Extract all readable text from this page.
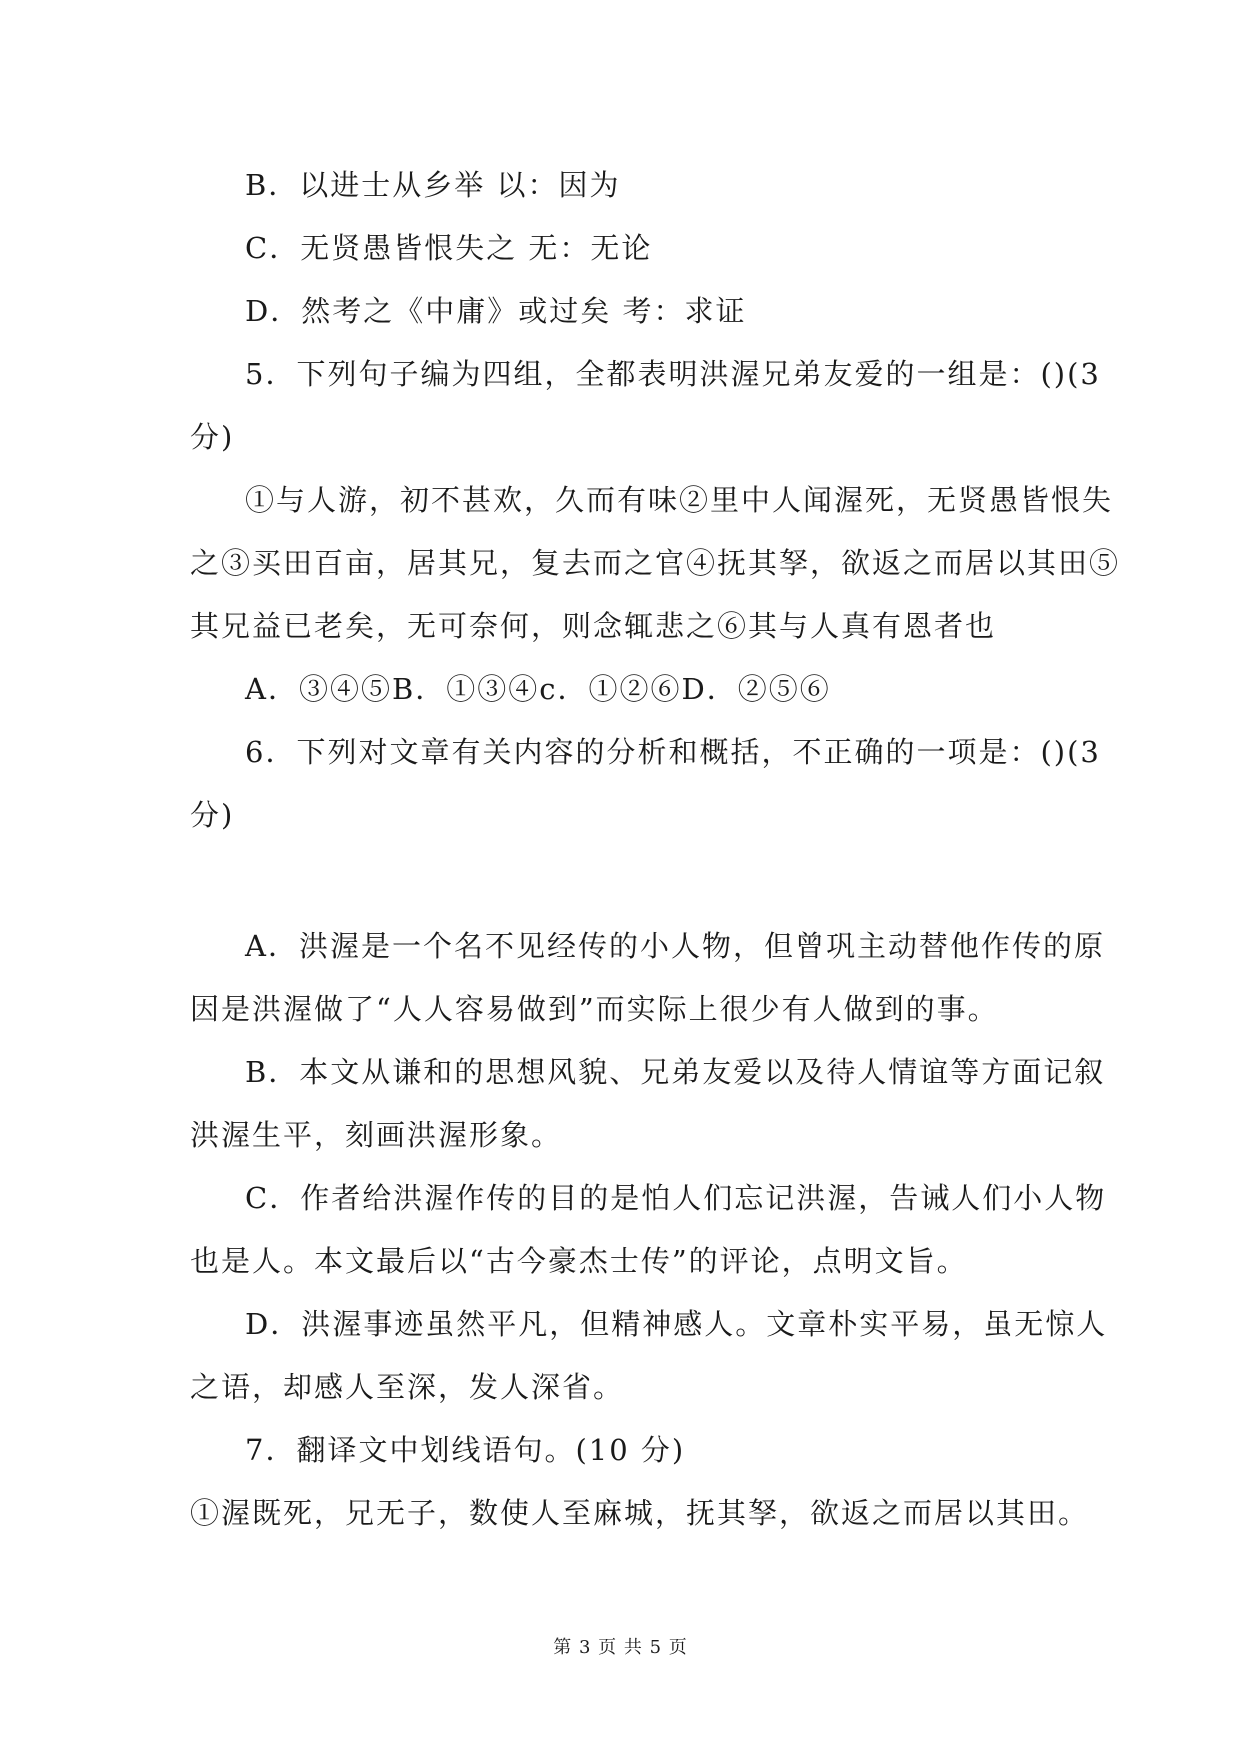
B．以进士从乡举 以：因为
C．无贤愚皆恨失之 无：无论
D．然考之《中庸》或过矣 考：求证
5．下列句子编为四组，全都表明洪渥兄弟友爱的一组是：()(3
分)
①与人游，初不甚欢，久而有味②里中人闻渥死，无贤愚皆恨失
之③买田百亩，居其兄，复去而之官④抚其孥，欲返之而居以其田⑤
其兄益已老矣，无可奈何，则念辄悲之⑥其与人真有恩者也
A．③④⑤B．①③④c．①②⑥D．②⑤⑥
6．下列对文章有关内容的分析和概括，不正确的一项是：()(3
分)
A．洪渥是一个名不见经传的小人物，但曾巩主动替他作传的原
因是洪渥做了“人人容易做到”而实际上很少有人做到的事。
B．本文从谦和的思想风貌、兄弟友爱以及待人情谊等方面记叙
洪渥生平，刻画洪渥形象。
C．作者给洪渥作传的目的是怕人们忘记洪渥，告诫人们小人物
也是人。本文最后以“古今豪杰士传”的评论，点明文旨。
D．洪渥事迹虽然平凡，但精神感人。文章朴实平易，虽无惊人
之语，却感人至深，发人深省。
7．翻译文中划线语句。(10 分)
①渥既死，兄无子，数使人至麻城，抚其孥，欲返之而居以其田。
第 3 页 共 5 页
